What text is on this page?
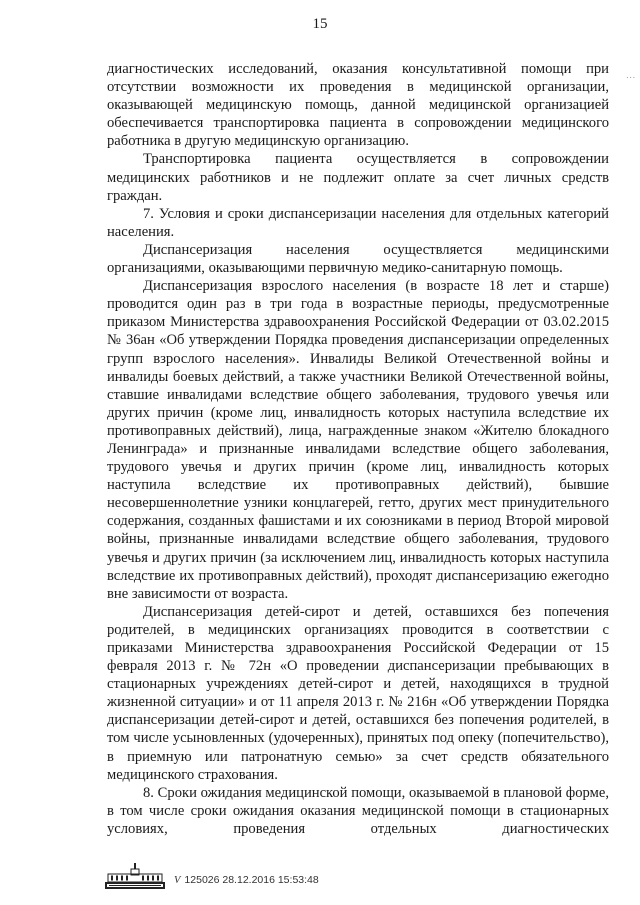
15
...

диагностических исследований, оказания консультативной помощи при отсутствии возможности их проведения в медицинской организации, оказывающей медицинскую помощь, данной медицинской организацией обеспечивается транспортировка пациента в сопровождении медицинского работника в другую медицинскую организацию.

Транспортировка пациента осуществляется в сопровождении медицинских работников и не подлежит оплате за счет личных средств граждан.

7. Условия и сроки диспансеризации населения для отдельных категорий населения.

Диспансеризация населения осуществляется медицинскими организациями, оказывающими первичную медико-санитарную помощь.

Диспансеризация взрослого населения (в возрасте 18 лет и старше) проводится один раз в три года в возрастные периоды, предусмотренные приказом Министерства здравоохранения Российской Федерации от 03.02.2015 № 36ан «Об утверждении Порядка проведения диспансеризации определенных групп взрослого населения». Инвалиды Великой Отечественной войны и инвалиды боевых действий, а также участники Великой Отечественной войны, ставшие инвалидами вследствие общего заболевания, трудового увечья или других причин (кроме лиц, инвалидность которых наступила вследствие их противоправных действий), лица, награжденные знаком «Жителю блокадного Ленинграда» и признанные инвалидами вследствие общего заболевания, трудового увечья и других причин (кроме лиц, инвалидность которых наступила вследствие их противоправных действий), бывшие несовершеннолетние узники концлагерей, гетто, других мест принудительного содержания, созданных фашистами и их союзниками в период Второй мировой войны, признанные инвалидами вследствие общего заболевания, трудового увечья и других причин (за исключением лиц, инвалидность которых наступила вследствие их противоправных действий), проходят диспансеризацию ежегодно вне зависимости от возраста.

Диспансеризация детей-сирот и детей, оставшихся без попечения родителей, в медицинских организациях проводится в соответствии с приказами Министерства здравоохранения Российской Федерации от 15 февраля 2013 г. № 72н «О проведении диспансеризации пребывающих в стационарных учреждениях детей-сирот и детей, находящихся в трудной жизненной ситуации» и от 11 апреля 2013 г. № 216н «Об утверждении Порядка диспансеризации детей-сирот и детей, оставшихся без попечения родителей, в том числе усыновленных (удочеренных), принятых под опеку (попечительство), в приемную или патронатную семью» за счет средств обязательного медицинского страхования.

8. Сроки ожидания медицинской помощи, оказываемой в плановой форме, в том числе сроки ожидания оказания медицинской помощи в стационарных условиях, проведения отдельных диагностических

V 125026 28.12.2016 15:53:48
